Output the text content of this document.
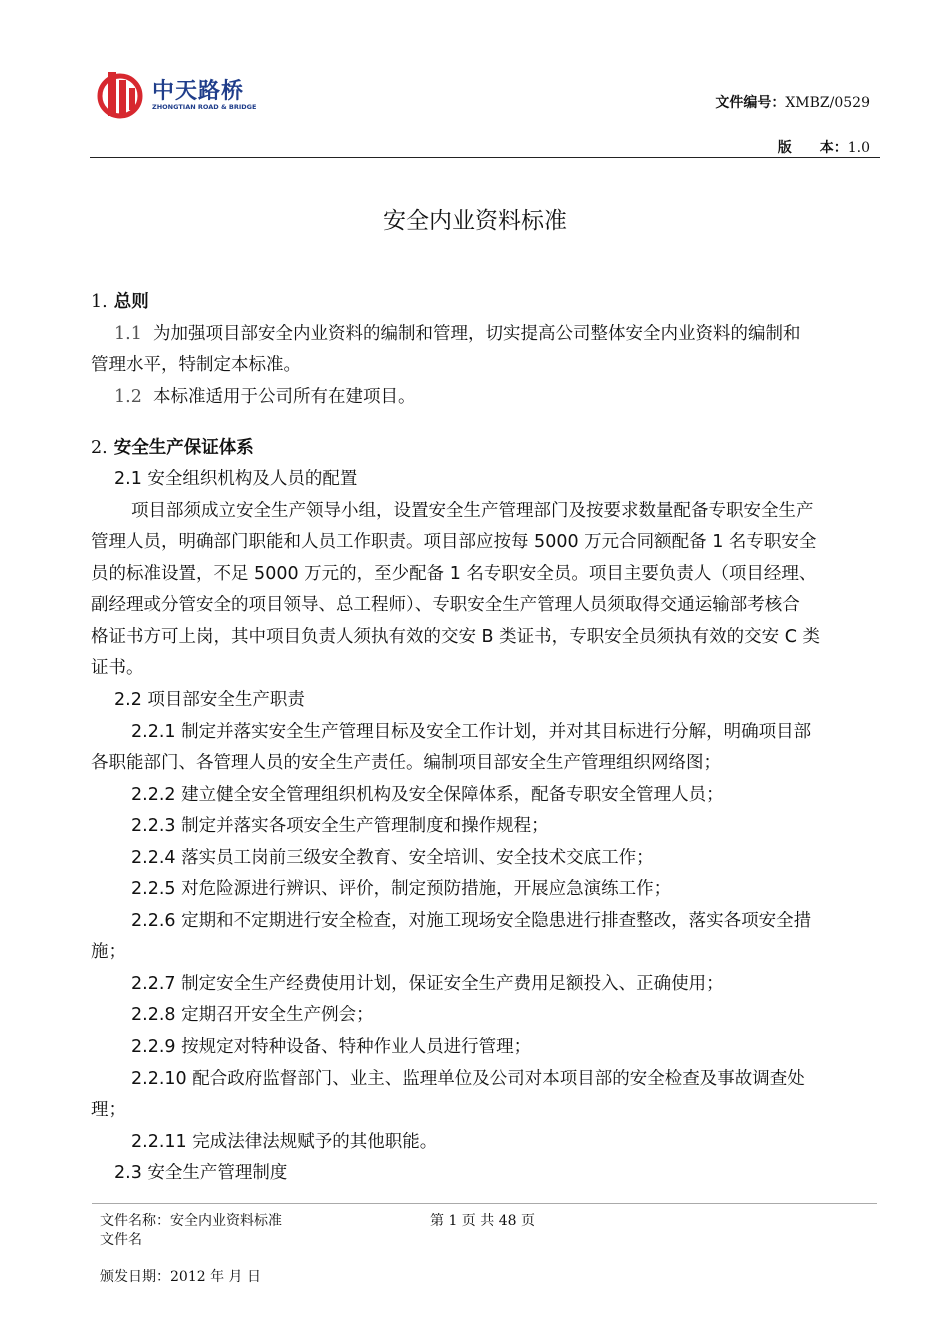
中天路桥
ZHONGTIAN ROAD & BRIDGE	文件编号：XMBZ/0529
版　　本：1.0
安全内业资料标准
1. 总则
1.1 为加强项目部安全内业资料的编制和管理，切实提高公司整体安全内业资料的编制和
管理水平，特制定本标准。
1.2 本标准适用于公司所有在建项目。
2. 安全生产保证体系
2.1 安全组织机构及人员的配置
项目部须成立安全生产领导小组，设置安全生产管理部门及按要求数量配备专职安全生产
管理人员，明确部门职能和人员工作职责。项目部应按每 5000 万元合同额配备 1 名专职安全
员的标准设置，不足 5000 万元的，至少配备 1 名专职安全员。项目主要负责人（项目经理、
副经理或分管安全的项目领导、总工程师）、专职安全生产管理人员须取得交通运输部考核合
格证书方可上岗，其中项目负责人须执有效的交安 B 类证书，专职安全员须执有效的交安 C 类
证书。
2.2 项目部安全生产职责
2.2.1 制定并落实安全生产管理目标及安全工作计划，并对其目标进行分解，明确项目部
各职能部门、各管理人员的安全生产责任。编制项目部安全生产管理组织网络图；
2.2.2 建立健全安全管理组织机构及安全保障体系，配备专职安全管理人员；
2.2.3 制定并落实各项安全生产管理制度和操作规程；
2.2.4 落实员工岗前三级安全教育、安全培训、安全技术交底工作；
2.2.5 对危险源进行辨识、评价，制定预防措施，开展应急演练工作；
2.2.6 定期和不定期进行安全检查，对施工现场安全隐患进行排查整改，落实各项安全措
施；
2.2.7 制定安全生产经费使用计划，保证安全生产费用足额投入、正确使用；
2.2.8 定期召开安全生产例会；
2.2.9 按规定对特种设备、特种作业人员进行管理；
2.2.10 配合政府监督部门、业主、监理单位及公司对本项目部的安全检查及事故调查处
理；
2.2.11 完成法律法规赋予的其他职能。
2.3 安全生产管理制度
文件名称：安全内业资料标准	第 1 页 共 48 页
文件名
颁发日期：2012 年 月 日
